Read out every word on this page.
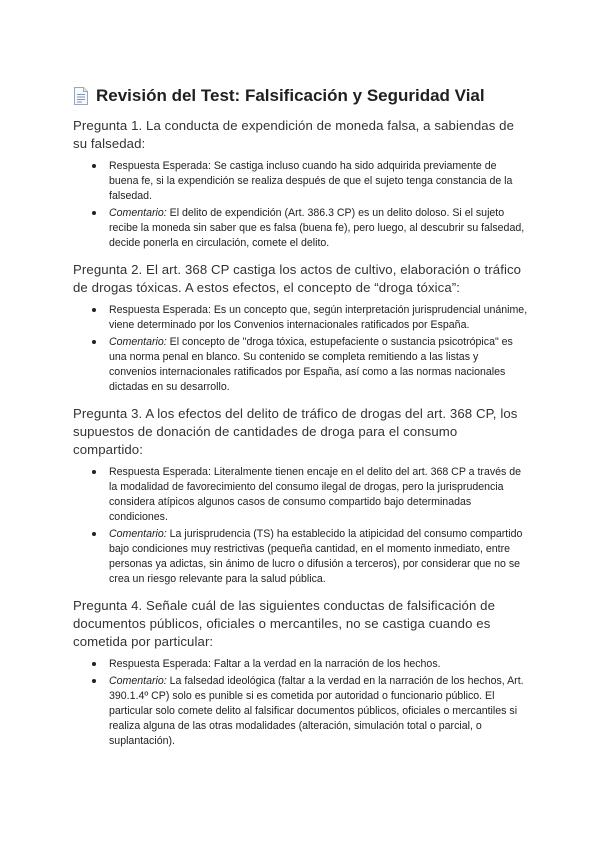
Revisión del Test: Falsificación y Seguridad Vial

Pregunta 1. La conducta de expendición de moneda falsa, a sabiendas de su falsedad:

Respuesta Esperada: Se castiga incluso cuando ha sido adquirida previamente de buena fe, si la expendición se realiza después de que el sujeto tenga constancia de la falsedad.
Comentario: El delito de expendición (Art. 386.3 CP) es un delito doloso. Si el sujeto recibe la moneda sin saber que es falsa (buena fe), pero luego, al descubrir su falsedad, decide ponerla en circulación, comete el delito.

Pregunta 2. El art. 368 CP castiga los actos de cultivo, elaboración o tráfico de drogas tóxicas. A estos efectos, el concepto de “droga tóxica”:

Respuesta Esperada: Es un concepto que, según interpretación jurisprudencial unánime, viene determinado por los Convenios internacionales ratificados por España.
Comentario: El concepto de "droga tóxica, estupefaciente o sustancia psicotrópica" es una norma penal en blanco. Su contenido se completa remitiendo a las listas y convenios internacionales ratificados por España, así como a las normas nacionales dictadas en su desarrollo.

Pregunta 3. A los efectos del delito de tráfico de drogas del art. 368 CP, los supuestos de donación de cantidades de droga para el consumo compartido:

Respuesta Esperada: Literalmente tienen encaje en el delito del art. 368 CP a través de la modalidad de favorecimiento del consumo ilegal de drogas, pero la jurisprudencia considera atípicos algunos casos de consumo compartido bajo determinadas condiciones.
Comentario: La jurisprudencia (TS) ha establecido la atipicidad del consumo compartido bajo condiciones muy restrictivas (pequeña cantidad, en el momento inmediato, entre personas ya adictas, sin ánimo de lucro o difusión a terceros), por considerar que no se crea un riesgo relevante para la salud pública.

Pregunta 4. Señale cuál de las siguientes conductas de falsificación de documentos públicos, oficiales o mercantiles, no se castiga cuando es cometida por particular:

Respuesta Esperada: Faltar a la verdad en la narración de los hechos.
Comentario: La falsedad ideológica (faltar a la verdad en la narración de los hechos, Art. 390.1.4º CP) solo es punible si es cometida por autoridad o funcionario público. El particular solo comete delito al falsificar documentos públicos, oficiales o mercantiles si realiza alguna de las otras modalidades (alteración, simulación total o parcial, o suplantación).
